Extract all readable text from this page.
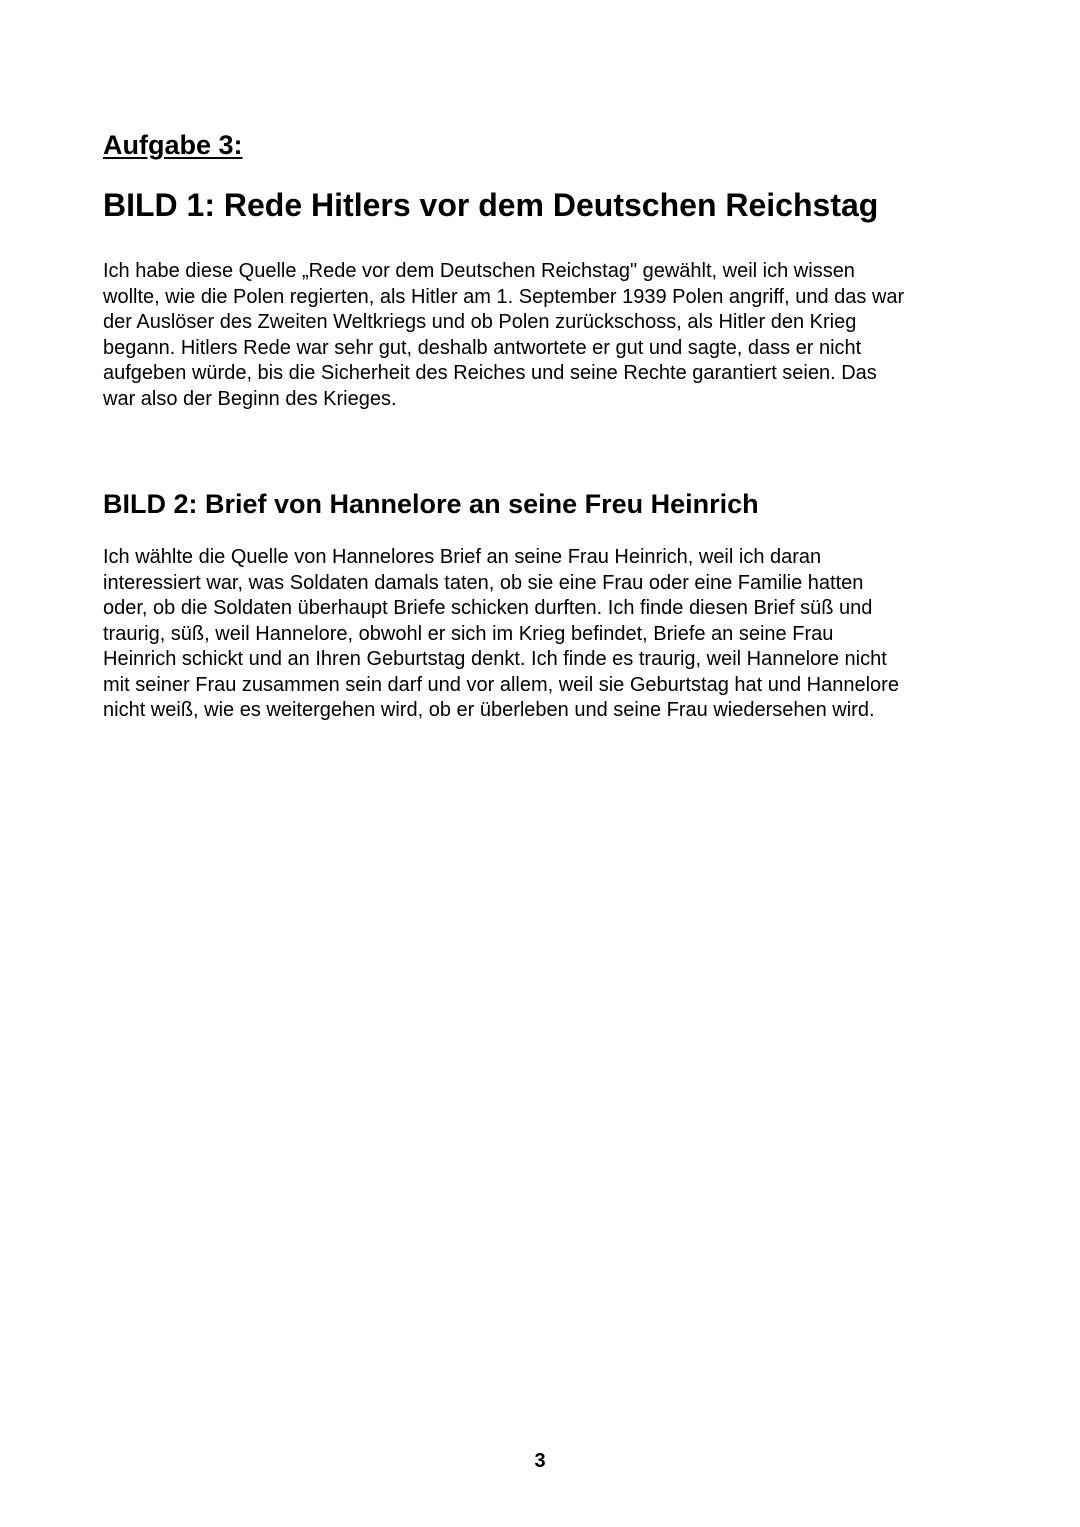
Aufgabe 3:
BILD 1: Rede Hitlers vor dem Deutschen Reichstag

Ich habe diese Quelle „Rede vor dem Deutschen Reichstag" gewählt, weil ich wissen
wollte, wie die Polen regierten, als Hitler am 1. September 1939 Polen angriff, und das war
der Auslöser des Zweiten Weltkriegs und ob Polen zurückschoss, als Hitler den Krieg
begann. Hitlers Rede war sehr gut, deshalb antwortete er gut und sagte, dass er nicht
aufgeben würde, bis die Sicherheit des Reiches und seine Rechte garantiert seien. Das
war also der Beginn des Krieges.

BILD 2: Brief von Hannelore an seine Freu Heinrich

Ich wählte die Quelle von Hannelores Brief an seine Frau Heinrich, weil ich daran
interessiert war, was Soldaten damals taten, ob sie eine Frau oder eine Familie hatten
oder, ob die Soldaten überhaupt Briefe schicken durften. Ich finde diesen Brief süß und
traurig, süß, weil Hannelore, obwohl er sich im Krieg befindet, Briefe an seine Frau
Heinrich schickt und an Ihren Geburtstag denkt. Ich finde es traurig, weil Hannelore nicht
mit seiner Frau zusammen sein darf und vor allem, weil sie Geburtstag hat und Hannelore
nicht weiß, wie es weitergehen wird, ob er überleben und seine Frau wiedersehen wird.

3
